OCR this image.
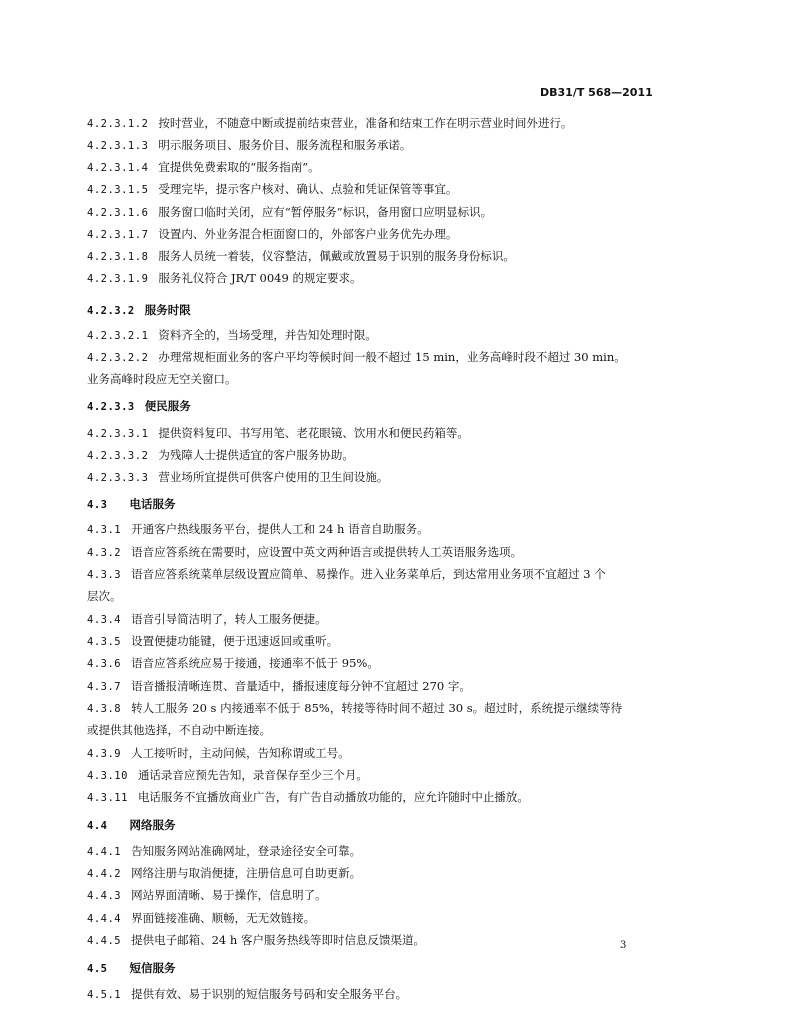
DB31/T 568—2011
4.2.3.1.2 按时营业，不随意中断或提前结束营业，准备和结束工作在明示营业时间外进行。
4.2.3.1.3 明示服务项目、服务价目、服务流程和服务承诺。
4.2.3.1.4 宜提供免费索取的“服务指南”。
4.2.3.1.5 受理完毕，提示客户核对、确认、点验和凭证保管等事宜。
4.2.3.1.6 服务窗口临时关闭，应有“暂停服务”标识，备用窗口应明显标识。
4.2.3.1.7 设置内、外业务混合柜面窗口的，外部客户业务优先办理。
4.2.3.1.8 服务人员统一着装，仪容整洁，佩戴或放置易于识别的服务身份标识。
4.2.3.1.9 服务礼仪符合 JR/T 0049 的规定要求。
4.2.3.2 服务时限
4.2.3.2.1 资料齐全的，当场受理，并告知处理时限。
4.2.3.2.2 办理常规柜面业务的客户平均等候时间一般不超过 15 min，业务高峰时段不超过 30 min。
业务高峰时段应无空关窗口。
4.2.3.3 便民服务
4.2.3.3.1 提供资料复印、书写用笔、老花眼镜、饮用水和便民药箱等。
4.2.3.3.2 为残障人士提供适宜的客户服务协助。
4.2.3.3.3 营业场所宜提供可供客户使用的卫生间设施。
4.3 电话服务
4.3.1 开通客户热线服务平台，提供人工和 24 h 语音自助服务。
4.3.2 语音应答系统在需要时，应设置中英文两种语言或提供转人工英语服务选项。
4.3.3 语音应答系统菜单层级设置应简单、易操作。进入业务菜单后，到达常用业务项不宜超过 3 个
层次。
4.3.4 语音引导简洁明了，转人工服务便捷。
4.3.5 设置便捷功能键，便于迅速返回或重听。
4.3.6 语音应答系统应易于接通，接通率不低于 95%。
4.3.7 语音播报清晰连贯、音量适中，播报速度每分钟不宜超过 270 字。
4.3.8 转人工服务 20 s 内接通率不低于 85%，转接等待时间不超过 30 s。超过时，系统提示继续等待
或提供其他选择，不自动中断连接。
4.3.9 人工接听时，主动问候，告知称谓或工号。
4.3.10 通话录音应预先告知，录音保存至少三个月。
4.3.11 电话服务不宜播放商业广告，有广告自动播放功能的，应允许随时中止播放。
4.4 网络服务
4.4.1 告知服务网站准确网址，登录途径安全可靠。
4.4.2 网络注册与取消便捷，注册信息可自助更新。
4.4.3 网站界面清晰、易于操作，信息明了。
4.4.4 界面链接准确、顺畅，无无效链接。
4.4.5 提供电子邮箱、24 h 客户服务热线等即时信息反馈渠道。
4.5 短信服务
4.5.1 提供有效、易于识别的短信服务号码和安全服务平台。
3
